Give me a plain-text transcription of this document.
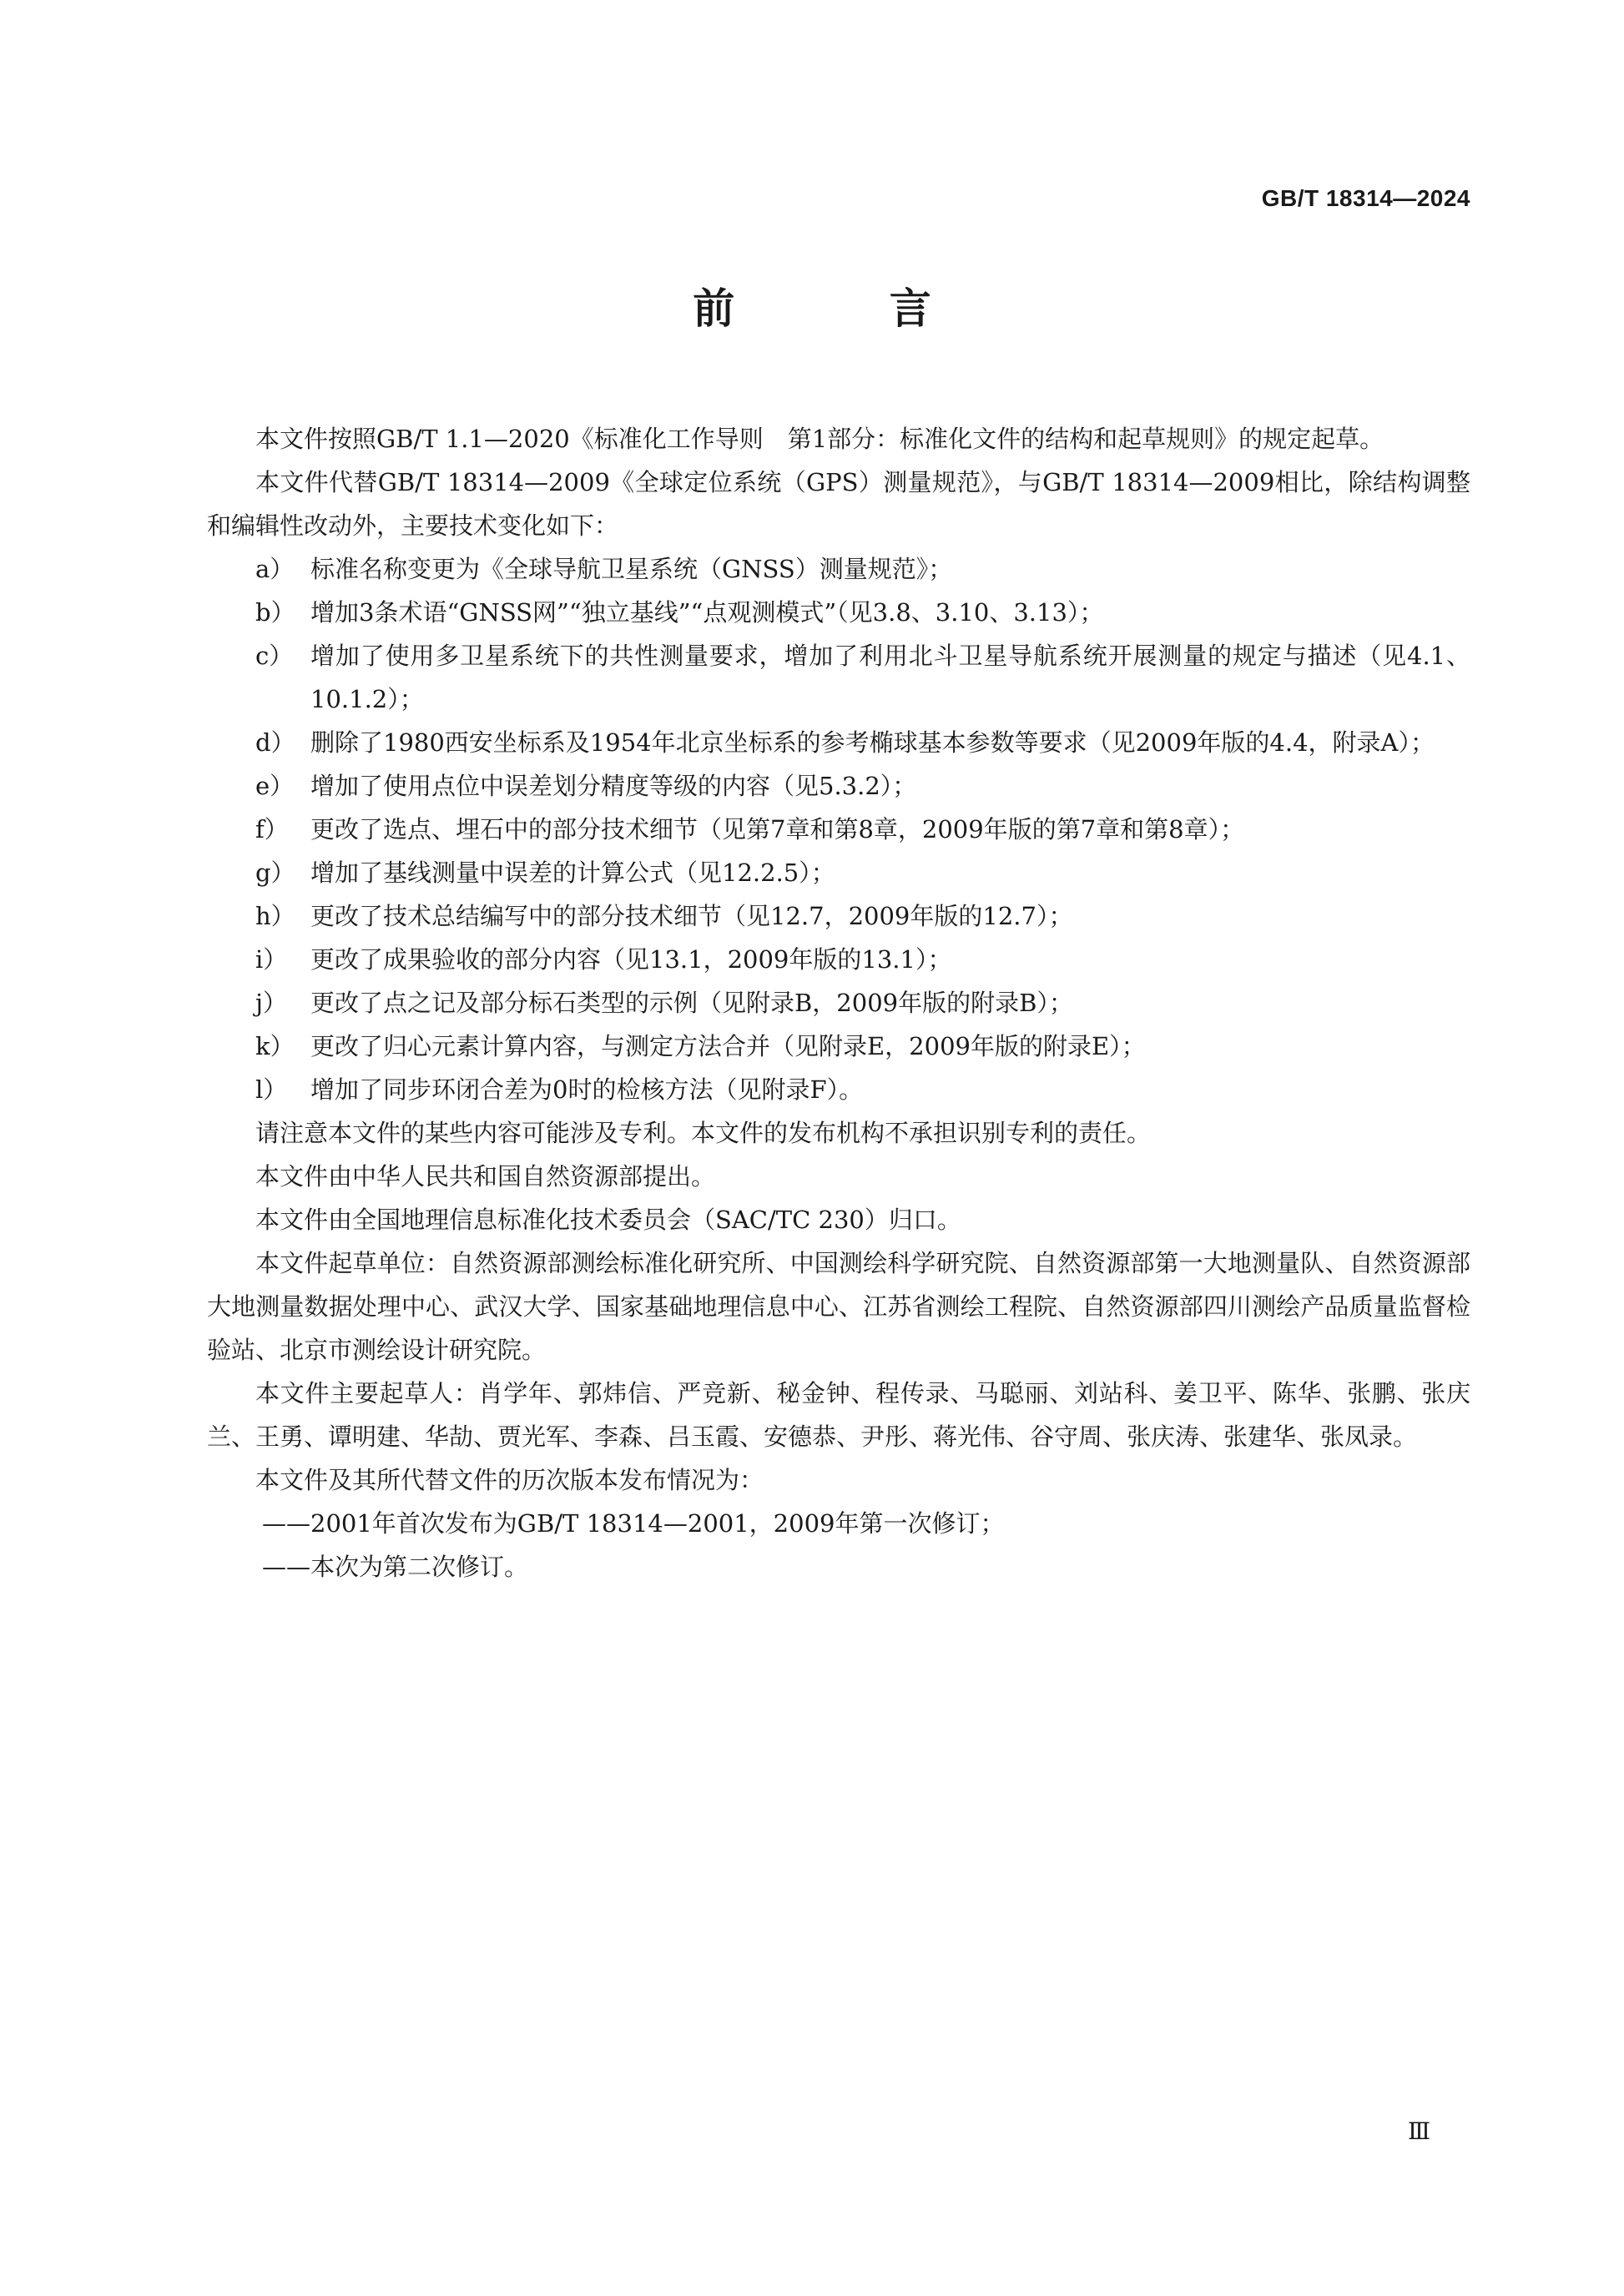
GB/T 18314—2024
前 言

本文件按照GB/T 1.1—2020《标准化工作导则　第1部分：标准化文件的结构和起草规则》的规定起草。

本文件代替GB/T 18314—2009《全球定位系统（GPS）测量规范》，与GB/T 18314—2009相比，除结构调整和编辑性改动外，主要技术变化如下：

a） 标准名称变更为《全球导航卫星系统（GNSS）测量规范》；
b） 增加3条术语“GNSS网”“独立基线”“点观测模式”（见3.8、3.10、3.13）；
c） 增加了使用多卫星系统下的共性测量要求，增加了利用北斗卫星导航系统开展测量的规定与描述（见4.1、10.1.2）；
d） 删除了1980西安坐标系及1954年北京坐标系的参考椭球基本参数等要求（见2009年版的4.4，附录A）；
e） 增加了使用点位中误差划分精度等级的内容（见5.3.2）；
f） 更改了选点、埋石中的部分技术细节（见第7章和第8章，2009年版的第7章和第8章）；
g） 增加了基线测量中误差的计算公式（见12.2.5）；
h） 更改了技术总结编写中的部分技术细节（见12.7，2009年版的12.7）；
i） 更改了成果验收的部分内容（见13.1，2009年版的13.1）；
j） 更改了点之记及部分标石类型的示例（见附录B，2009年版的附录B）；
k） 更改了归心元素计算内容，与测定方法合并（见附录E，2009年版的附录E）；
l） 增加了同步环闭合差为0时的检核方法（见附录F）。

请注意本文件的某些内容可能涉及专利。本文件的发布机构不承担识别专利的责任。

本文件由中华人民共和国自然资源部提出。

本文件由全国地理信息标准化技术委员会（SAC/TC 230）归口。

本文件起草单位：自然资源部测绘标准化研究所、中国测绘科学研究院、自然资源部第一大地测量队、自然资源部大地测量数据处理中心、武汉大学、国家基础地理信息中心、江苏省测绘工程院、自然资源部四川测绘产品质量监督检验站、北京市测绘设计研究院。

本文件主要起草人：肖学年、郭炜信、严竞新、秘金钟、程传录、马聪丽、刘站科、姜卫平、陈华、张鹏、张庆兰、王勇、谭明建、华劼、贾光军、李森、吕玉霞、安德恭、尹彤、蒋光伟、谷守周、张庆涛、张建华、张凤录。

本文件及其所代替文件的历次版本发布情况为：

——2001年首次发布为GB/T 18314—2001，2009年第一次修订；

——本次为第二次修订。

Ⅲ
